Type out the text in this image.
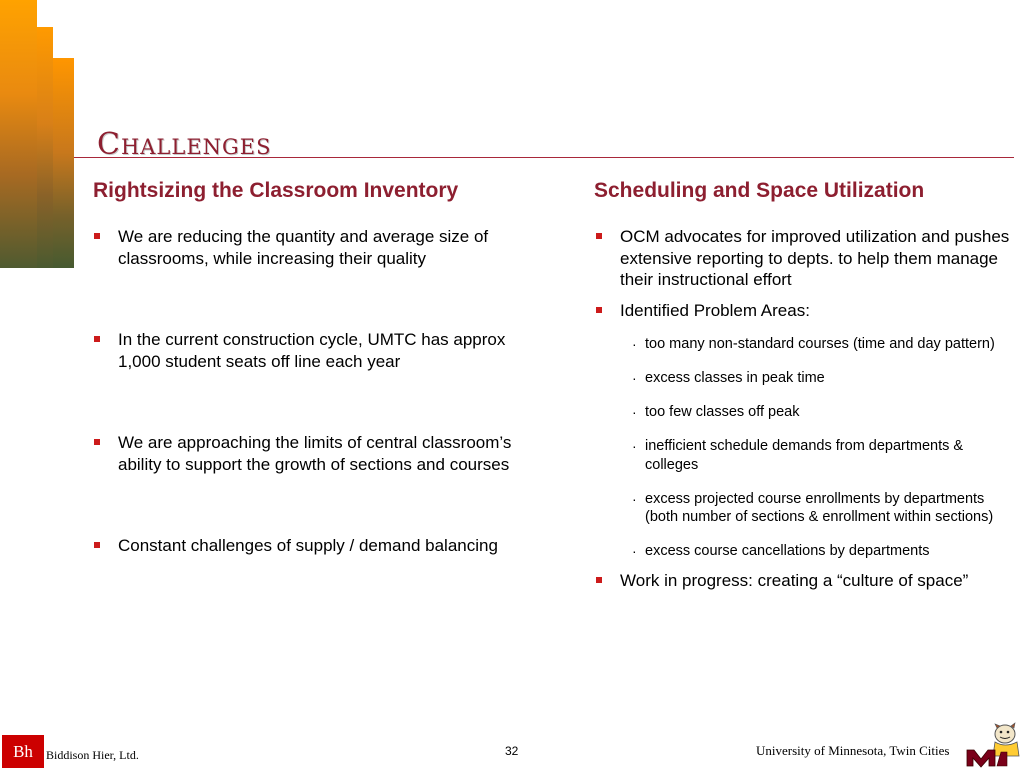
Challenges
Rightsizing the Classroom Inventory	Scheduling and Space Utilization
We are reducing the quantity and average size of classrooms, while increasing their quality
In the current construction cycle, UMTC has approx 1,000 student seats off line each year
We are approaching the limits of central classroom’s ability to support the growth of sections and courses
Constant challenges of supply / demand balancing
OCM advocates for improved utilization and pushes extensive reporting to depts. to help them manage their instructional effort
Identified Problem Areas:
· too many non-standard courses (time and day pattern)
· excess classes in peak time
· too few classes off peak
· inefficient schedule demands from departments & colleges
· excess projected course enrollments by departments (both number of sections & enrollment within sections)
· excess course cancellations by departments
Work in progress: creating a “culture of space”
Bh	Biddison Hier, Ltd.	32	University of Minnesota, Twin Cities
